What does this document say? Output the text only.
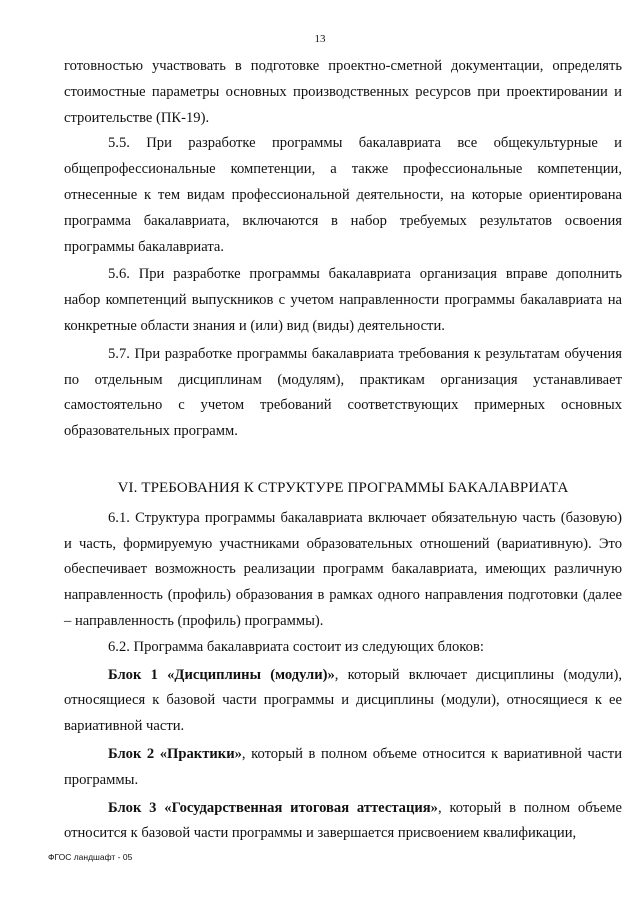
13

готовностью участвовать в подготовке проектно-сметной документации, определять стоимостные параметры основных производственных ресурсов при проектировании и строительстве (ПК-19).

5.5. При разработке программы бакалавриата все общекультурные и общепрофессиональные компетенции, а также профессиональные компетенции, отнесенные к тем видам профессиональной деятельности, на которые ориентирована программа бакалавриата, включаются в набор требуемых результатов освоения программы бакалавриата.

5.6. При разработке программы бакалавриата организация вправе дополнить набор компетенций выпускников с учетом направленности программы бакалавриата на конкретные области знания и (или) вид (виды) деятельности.

5.7. При разработке программы бакалавриата требования к результатам обучения по отдельным дисциплинам (модулям), практикам организация устанавливает самостоятельно с учетом требований соответствующих примерных основных образовательных программ.

VI. ТРЕБОВАНИЯ К СТРУКТУРЕ ПРОГРАММЫ БАКАЛАВРИАТА

6.1. Структура программы бакалавриата включает обязательную часть (базовую) и часть, формируемую участниками образовательных отношений (вариативную). Это обеспечивает возможность реализации программ бакалавриата, имеющих различную направленность (профиль) образования в рамках одного направления подготовки (далее – направленность (профиль) программы).

6.2. Программа бакалавриата состоит из следующих блоков:

Блок 1 «Дисциплины (модули)», который включает дисциплины (модули), относящиеся к базовой части программы и дисциплины (модули), относящиеся к ее вариативной части.

Блок 2 «Практики», который в полном объеме относится к вариативной части программы.

Блок 3 «Государственная итоговая аттестация», который в полном объеме относится к базовой части программы и завершается присвоением квалификации,

ФГОС ландшафт - 05
